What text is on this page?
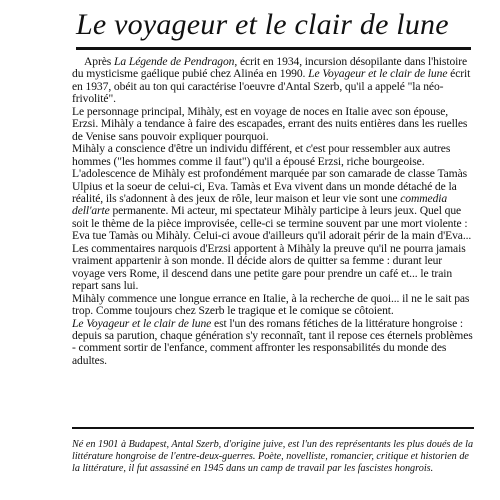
Le voyageur et le clair de lune

Après La Légende de Pendragon, écrit en 1934, incursion désopilante dans l'histoire du mysticisme gaélique pubié chez Alinéa en 1990. Le Voyageur et le clair de lune écrit en 1937, obéit au ton qui caractérise l'oeuvre d'Antal Szerb, qu'il a appelé "la néo-frivolité".

Le personnage principal, Mihàly, est en voyage de noces en Italie avec son épouse, Erzsi. Mihàly a tendance à faire des escapades, errant des nuits entières dans les ruelles de Venise sans pouvoir expliquer pourquoi.

Mihàly a conscience d'être un individu différent, et c'est pour ressembler aux autres hommes ("les hommes comme il faut") qu'il a épousé Erzsi, riche bourgeoise.

L'adolescence de Mihàly est profondément marquée par son camarade de classe Tamàs Ulpius et la soeur de celui-ci, Eva. Tamàs et Eva vivent dans un monde détaché de la réalité, ils s'adonnent à des jeux de rôle, leur maison et leur vie sont une commedia dell'arte permanente. Mi acteur, mi spectateur Mihàly participe à leurs jeux. Quel que soit le thème de la pièce improvisée, celle-ci se termine souvent par une mort violente : Eva tue Tamàs ou Mihàly. Celui-ci avoue d'ailleurs qu'il adorait périr de la main d'Eva...

Les commentaires narquois d'Erzsi apportent à Mihàly la preuve qu'il ne pourra jamais vraiment appartenir à son monde. Il décide alors de quitter sa femme : durant leur voyage vers Rome, il descend dans une petite gare pour prendre un café et... le train repart sans lui.

Mihàly commence une longue errance en Italie, à la recherche de quoi... il ne le sait pas trop. Comme toujours chez Szerb le tragique et le comique se côtoient.

Le Voyageur et le clair de lune est l'un des romans fétiches de la littérature hongroise : depuis sa parution, chaque génération s'y reconnaît, tant il repose ces éternels problèmes - comment sortir de l'enfance, comment affronter les responsabilités du monde des adultes.

Né en 1901 à Budapest, Antal Szerb, d'origine juive, est l'un des représentants les plus doués de la littérature hongroise de l'entre-deux-guerres. Poète, novelliste, romancier, critique et historien de la littérature, il fut assassiné en 1945 dans un camp de travail par les fascistes hongrois.
